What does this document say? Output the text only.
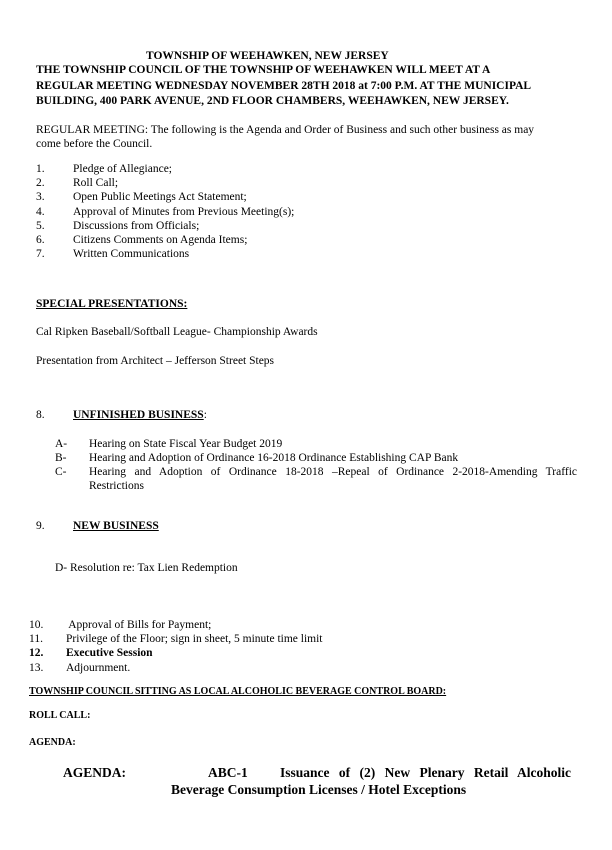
TOWNSHIP OF WEEHAWKEN, NEW JERSEY
THE TOWNSHIP COUNCIL OF THE TOWNSHIP OF WEEHAWKEN WILL MEET AT A
REGULAR MEETING WEDNESDAY NOVEMBER 28TH 2018 at 7:00 P.M. AT THE MUNICIPAL
BUILDING, 400 PARK AVENUE, 2ND FLOOR CHAMBERS, WEEHAWKEN, NEW JERSEY.
REGULAR MEETING: The following is the Agenda and Order of Business and such other business as may
come before the Council.
1.	Pledge of Allegiance;
2.	Roll Call;
3.	Open Public Meetings Act Statement;
4.	Approval of Minutes from Previous Meeting(s);
5.	Discussions from Officials;
6.	Citizens Comments on Agenda Items;
7.	Written Communications
SPECIAL PRESENTATIONS:
Cal Ripken Baseball/Softball League- Championship Awards
Presentation from Architect – Jefferson Street Steps
8.	UNFINISHED BUSINESS :
A-	Hearing on State Fiscal Year Budget 2019
B-	Hearing and Adoption of Ordinance 16-2018 Ordinance Establishing CAP Bank
C-	Hearing and Adoption of Ordinance 18-2018 –Repeal of Ordinance 2-2018-Amending Traffic
Restrictions
9.	NEW BUSINESS
D- Resolution re: Tax Lien Redemption
10.	Approval of Bills for Payment;
11.	Privilege of the Floor; sign in sheet, 5 minute time limit
12.	Executive Session
13.	Adjournment.
TOWNSHIP COUNCIL SITTING AS LOCAL ALCOHOLIC BEVERAGE CONTROL BOARD:
ROLL CALL:
AGENDA:
AGENDA:	ABC-1	Issuance of (2) New Plenary Retail Alcoholic
Beverage Consumption Licenses / Hotel Exceptions
